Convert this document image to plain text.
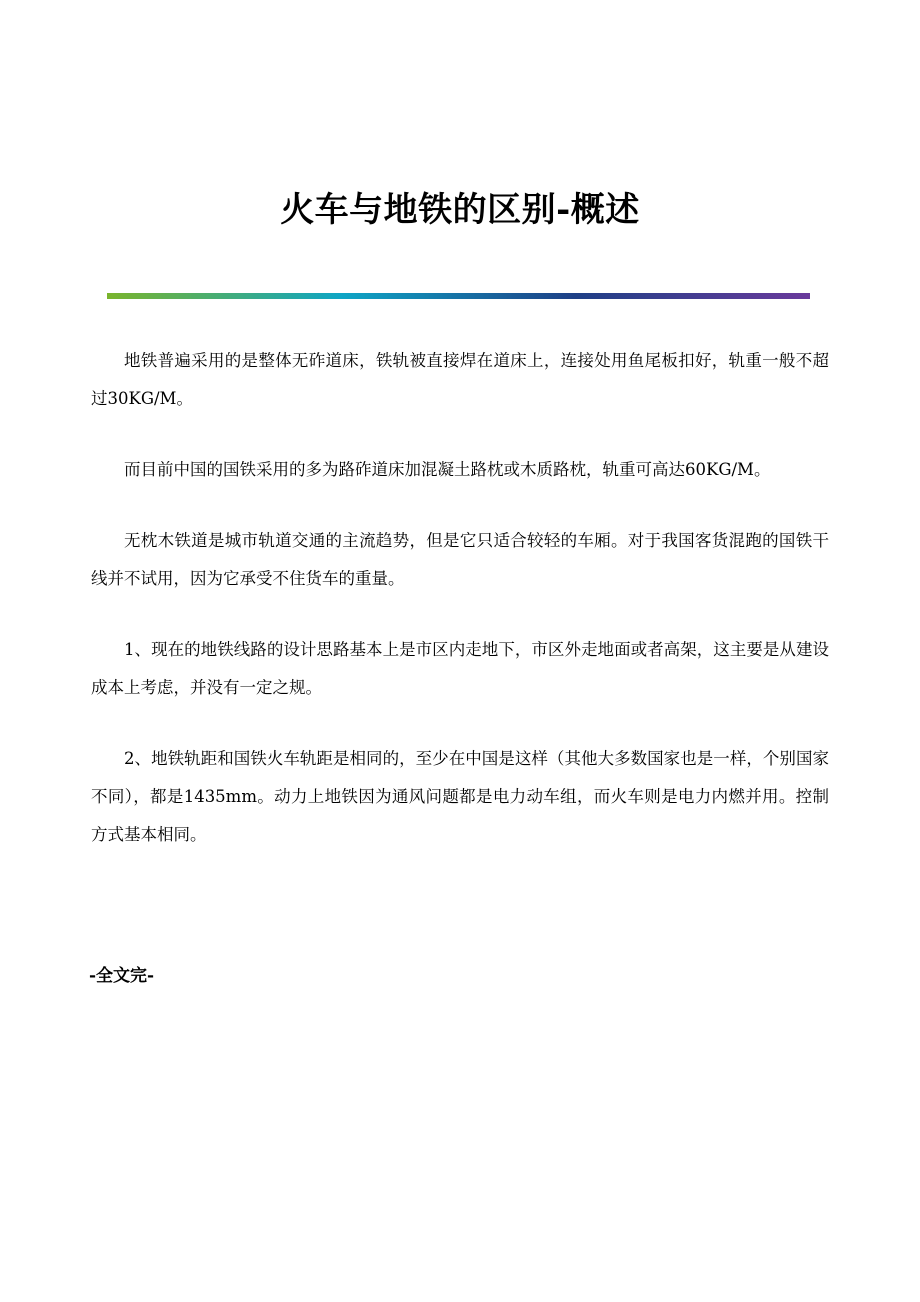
火车与地铁的区别-概述

地铁普遍采用的是整体无砟道床，铁轨被直接焊在道床上，连接处用鱼尾板扣好，轨重一般不超过30KG/M。

而目前中国的国铁采用的多为路砟道床加混凝土路枕或木质路枕，轨重可高达60KG/M。

无枕木铁道是城市轨道交通的主流趋势，但是它只适合较轻的车厢。对于我国客货混跑的国铁干线并不试用，因为它承受不住货车的重量。

1、现在的地铁线路的设计思路基本上是市区内走地下，市区外走地面或者高架，这主要是从建设成本上考虑，并没有一定之规。

2、地铁轨距和国铁火车轨距是相同的，至少在中国是这样（其他大多数国家也是一样，个别国家不同），都是1435mm。动力上地铁因为通风问题都是电力动车组，而火车则是电力内燃并用。控制方式基本相同。

-全文完-
